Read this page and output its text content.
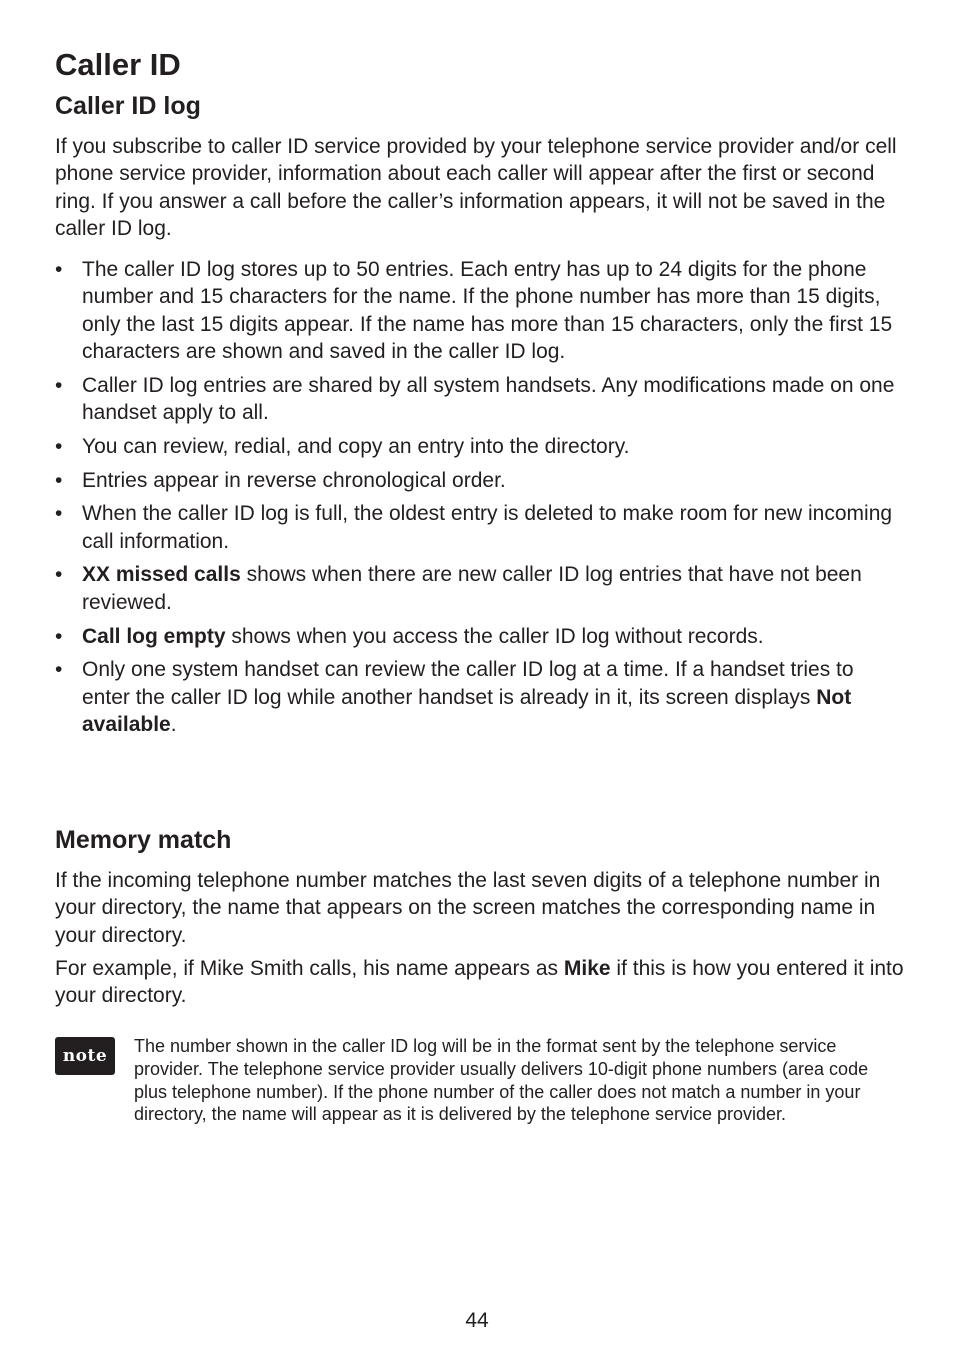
Caller ID
Caller ID log

If you subscribe to caller ID service provided by your telephone service provider and/or cell phone service provider, information about each caller will appear after the first or second ring. If you answer a call before the caller’s information appears, it will not be saved in the caller ID log.

• The caller ID log stores up to 50 entries. Each entry has up to 24 digits for the phone number and 15 characters for the name. If the phone number has more than 15 digits, only the last 15 digits appear. If the name has more than 15 characters, only the first 15 characters are shown and saved in the caller ID log.
• Caller ID log entries are shared by all system handsets. Any modifications made on one handset apply to all.
• You can review, redial, and copy an entry into the directory.
• Entries appear in reverse chronological order.
• When the caller ID log is full, the oldest entry is deleted to make room for new incoming call information.
• XX missed calls shows when there are new caller ID log entries that have not been reviewed.
• Call log empty shows when you access the caller ID log without records.
• Only one system handset can review the caller ID log at a time. If a handset tries to enter the caller ID log while another handset is already in it, its screen displays Not available.
Memory match

If the incoming telephone number matches the last seven digits of a telephone number in your directory, the name that appears on the screen matches the corresponding name in your directory.

For example, if Mike Smith calls, his name appears as Mike if this is how you entered it into your directory.

note	The number shown in the caller ID log will be in the format sent by the telephone service provider. The telephone service provider usually delivers 10-digit phone numbers (area code plus telephone number). If the phone number of the caller does not match a number in your directory, the name will appear as it is delivered by the telephone service provider.

44
